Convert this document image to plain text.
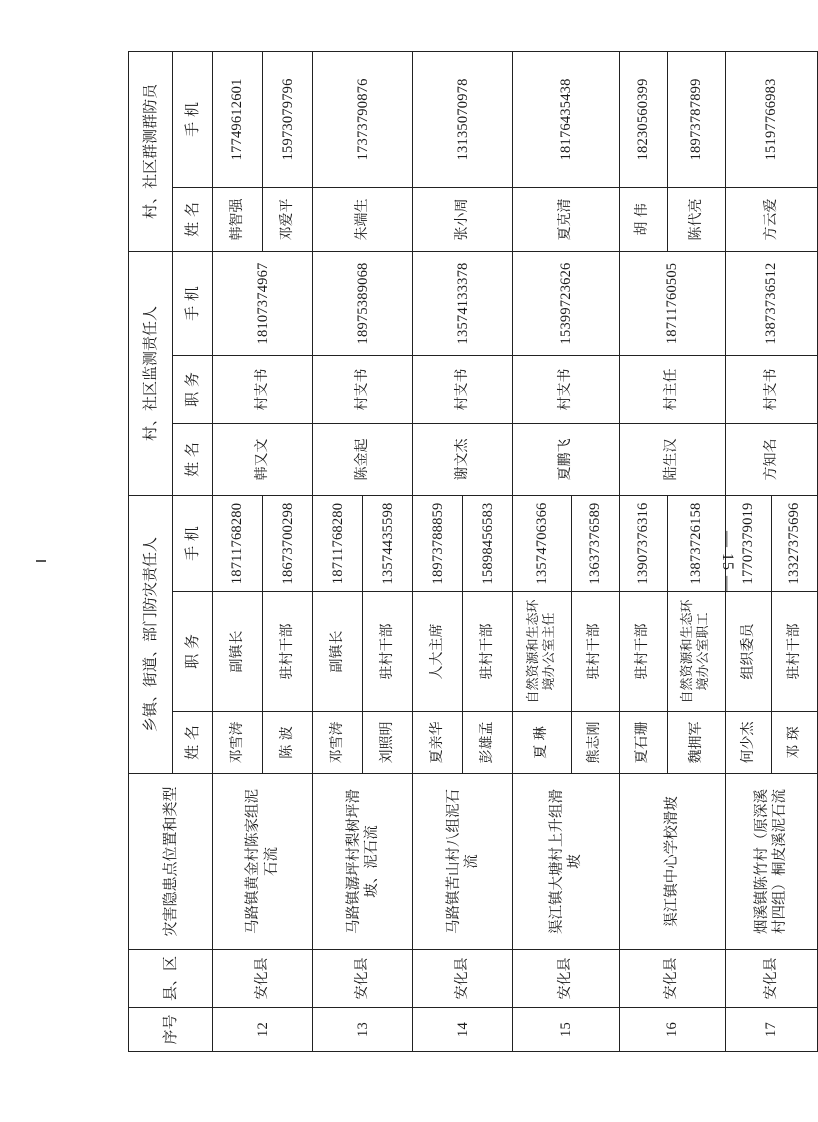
序号	县、区	灾害隐患点位置和类型	乡镇、街道、部门防灾责任人			村、社区监测责任人			村、社区群测群防员	
			姓 名	职 务	手 机	姓 名	职 务	手 机	姓 名	手 机
12	安化县	马路镇黄金村陈家组泥石流	邓雪涛	副镇长	18711768280	韩又文	村支书	18107374967	韩智强	17749612601
			陈 波	驻村干部	18673700298				邓爱平	15973079796
13	安化县	马路镇潺坪村梨树坪滑坡、泥石流	邓雪涛	副镇长	18711768280	陈金起	村支书	18975389068	朱端生	17373790876
			刘照明	驻村干部	13574435598					
14	安化县	马路镇苦山村八组泥石流	夏亲华	人大主席	18973788859	谢文杰	村支书	13574133378	张小周	13135070978
			彭雄孟	驻村干部	15898456583					
15	安化县	渠江镇大塘村上升组滑坡	夏 琳	自然资源和生态环境办公室主任	13574706366	夏鹏飞	村支书	15399723626	夏克清	18176435438
			熊志刚	驻村干部	13637376589					
16	安化县	渠江镇中心学校滑坡	夏石珊	驻村干部	13907376316	陆生汉	村主任	18711760505	胡 伟	18230560399
			魏拥军	自然资源和生态环境办公室职工	13873726158				陈代亮	18973787899
17	安化县	烟溪镇陈竹村（原深溪村四组）桐皮溪泥石流	何少杰	组织委员	17707379019	方知名	村支书	13873736512	方云爱	15197766983
			邓 琛	驻村干部	13327375696					
— 15 —
